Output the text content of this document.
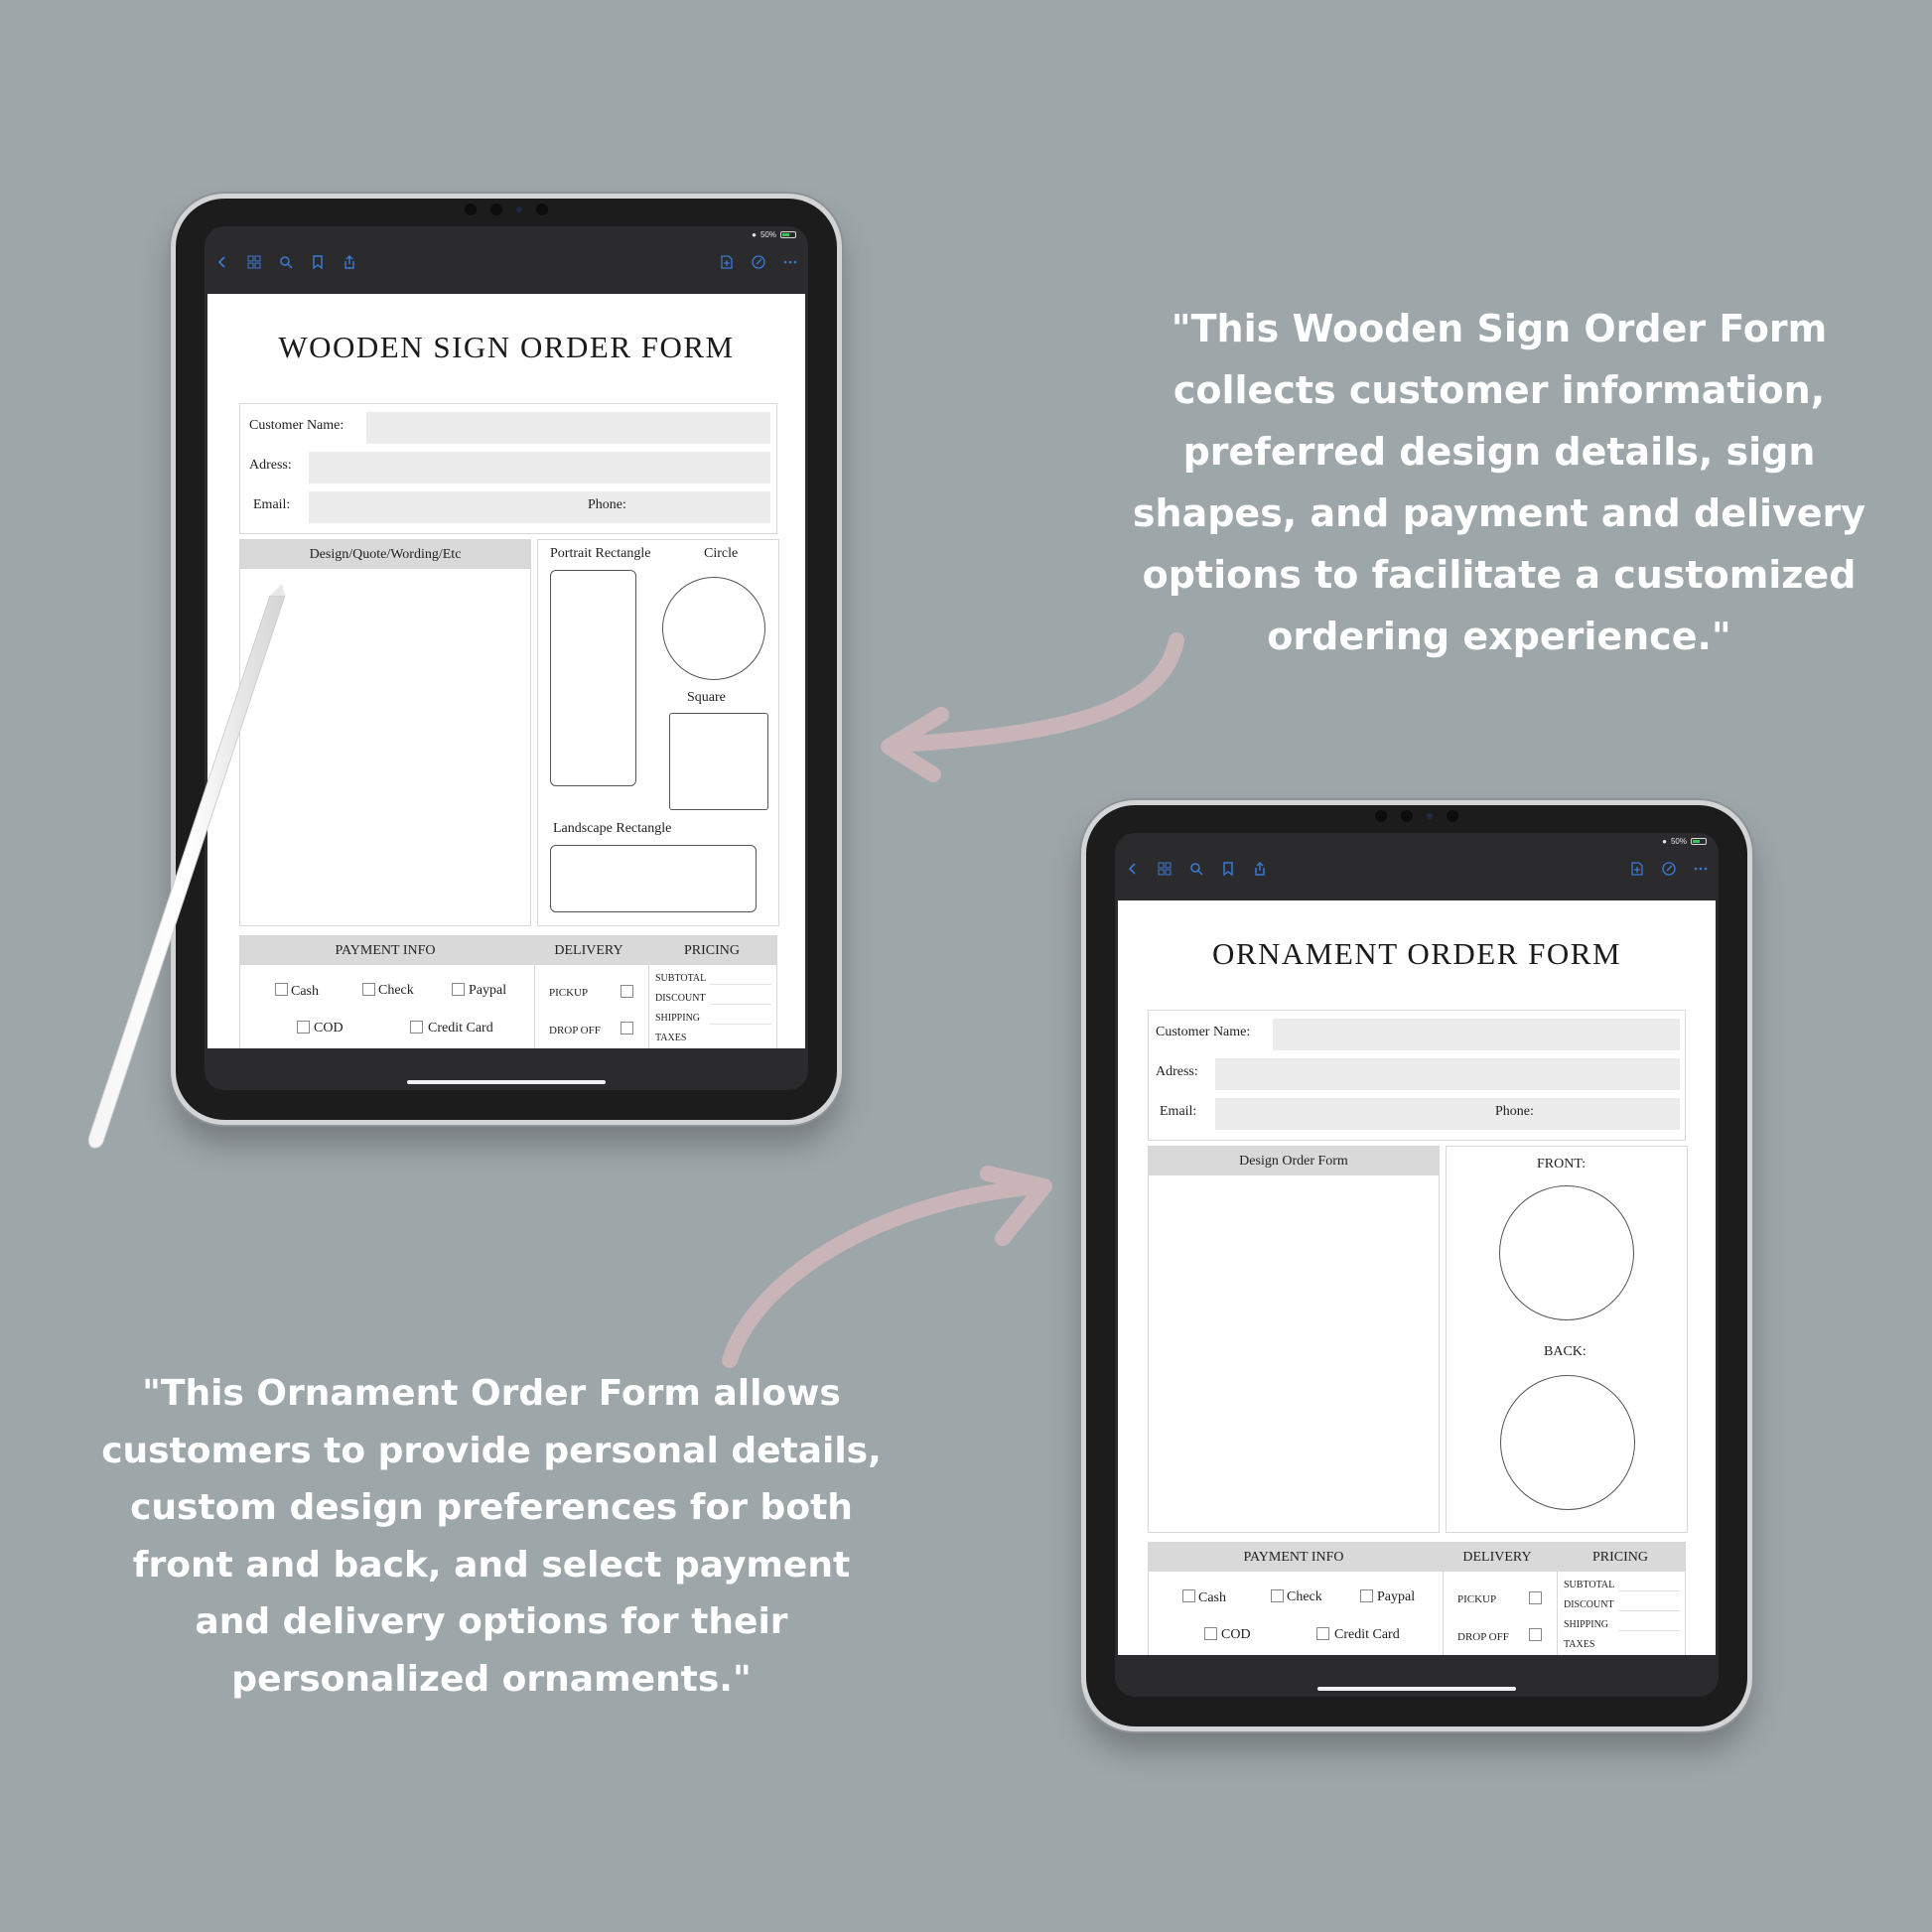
"This Wooden Sign Order Form collects customer information, preferred design details, sign shapes, and payment and delivery options to facilitate a customized ordering experience."
"This Ornament Order Form allows customers to provide personal details, custom design preferences for both front and back, and select payment and delivery options for their personalized ornaments."
● 50%
WOODEN SIGN ORDER FORM
Customer Name:
Adress:
Email:	Phone:
Design/Quote/Wording/Etc	Portrait Rectangle	Circle
Square
Landscape Rectangle
PAYMENT INFO	DELIVERY	PRICING
Cash	Check	Paypal
COD	Credit Card
PICKUP
DROP OFF
SUBTOTAL
DISCOUNT
SHIPPING
TAXES
● 50%
ORNAMENT ORDER FORM
Customer Name:
Adress:
Email:	Phone:
Design Order Form	FRONT:
BACK:
PAYMENT INFO	DELIVERY	PRICING
Cash	Check	Paypal
COD	Credit Card
PICKUP
DROP OFF
SUBTOTAL
DISCOUNT
SHIPPING
TAXES
